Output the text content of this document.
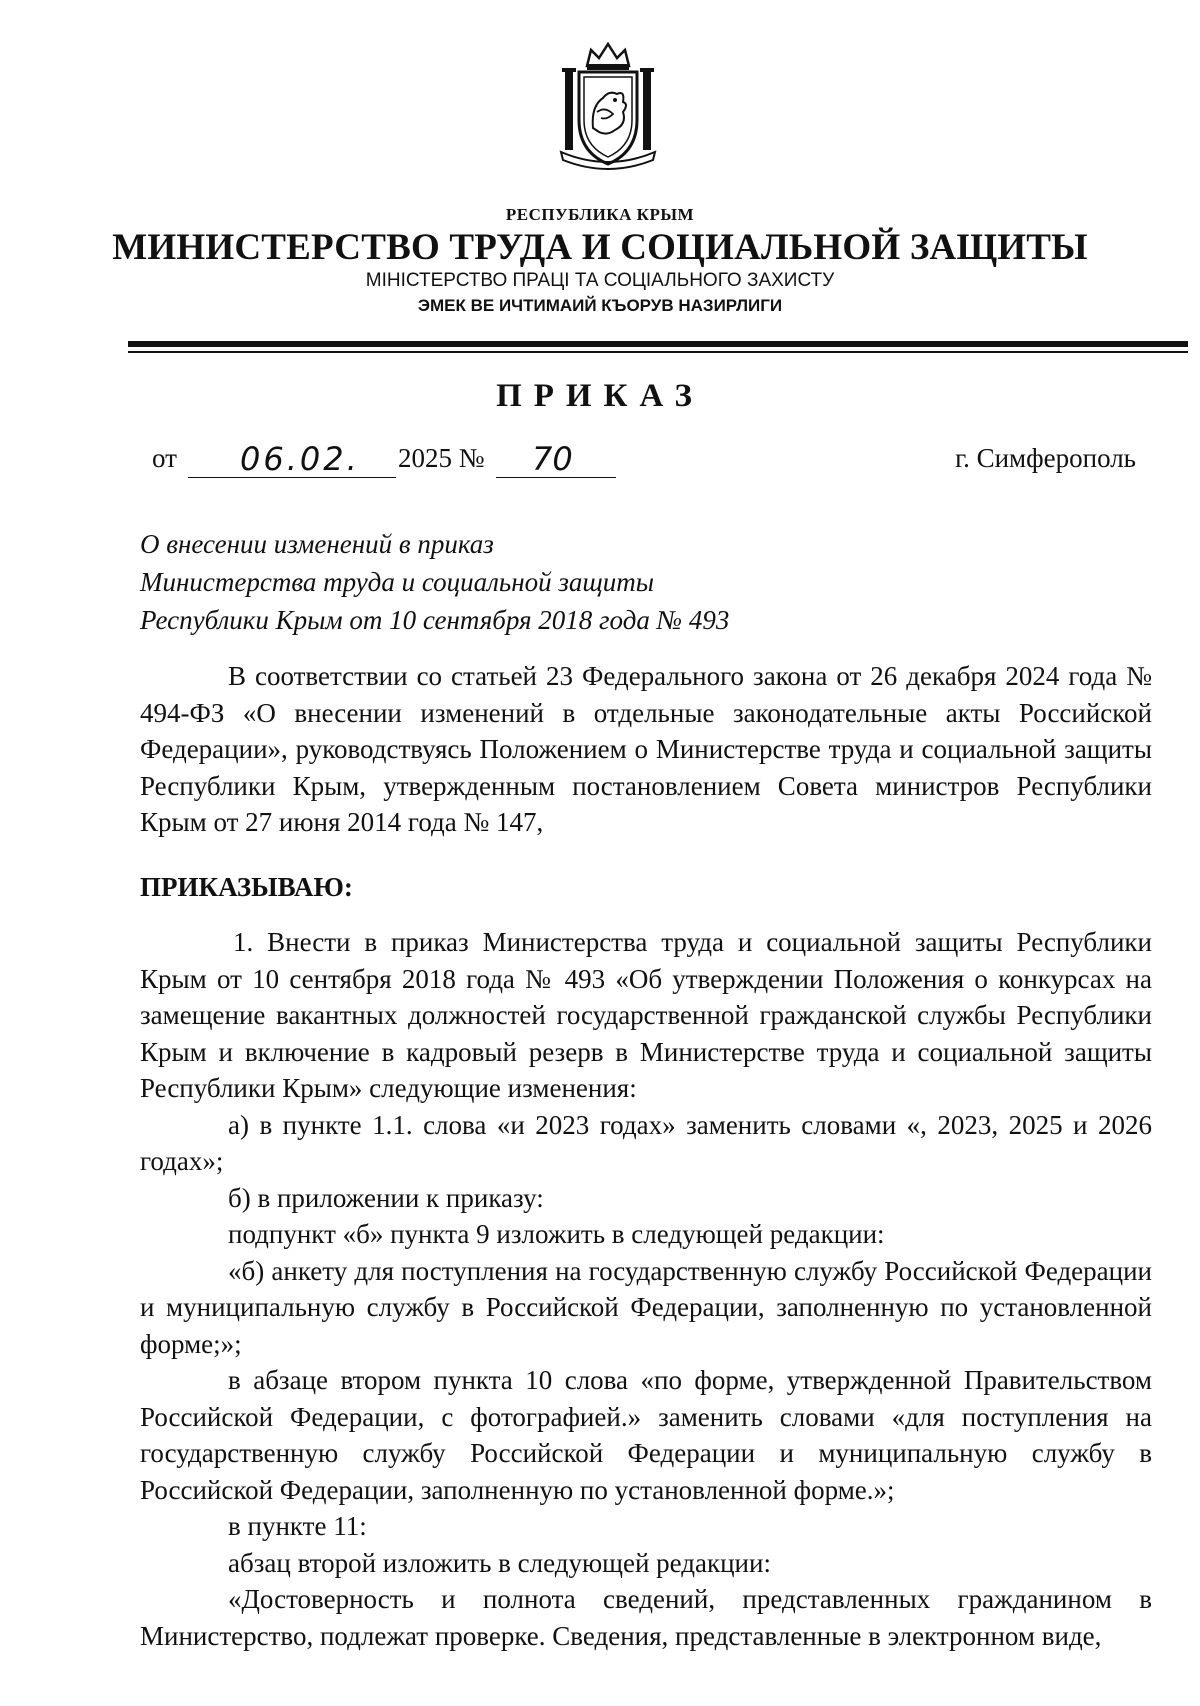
РЕСПУБЛИКА КРЫМ
МИНИСТЕРСТВО ТРУДА И СОЦИАЛЬНОЙ ЗАЩИТЫ
МІНІСТЕРСТВО ПРАЦІ ТА СОЦІАЛЬНОГО ЗАХИСТУ
ЭМЕК ВЕ ИЧТИМАИЙ КЪОРУВ НАЗИРЛИГИ
ПРИКАЗ
от 06.02. 2025 № 70	г. Симферополь
О внесении изменений в приказ
Министерства труда и социальной защиты
Республики Крым от 10 сентября 2018 года № 493

В соответствии со статьей 23 Федерального закона от 26 декабря 2024 года № 494-ФЗ «О внесении изменений в отдельные законодательные акты Российской Федерации», руководствуясь Положением о Министерстве труда и социальной защиты Республики Крым, утвержденным постановлением Совета министров Республики Крым от 27 июня 2014 года № 147,

ПРИКАЗЫВАЮ:

1. Внести в приказ Министерства труда и социальной защиты Республики Крым от 10 сентября 2018 года № 493 «Об утверждении Положения о конкурсах на замещение вакантных должностей государственной гражданской службы Республики Крым и включение в кадровый резерв в Министерстве труда и социальной защиты Республики Крым» следующие изменения:

а) в пункте 1.1. слова «и 2023 годах» заменить словами «, 2023, 2025 и 2026 годах»;

б) в приложении к приказу:

подпункт «б» пункта 9 изложить в следующей редакции:

«б) анкету для поступления на государственную службу Российской Федерации и муниципальную службу в Российской Федерации, заполненную по установленной форме;»;

в абзаце втором пункта 10 слова «по форме, утвержденной Правительством Российской Федерации, с фотографией.» заменить словами «для поступления на государственную службу Российской Федерации и муниципальную службу в Российской Федерации, заполненную по установленной форме.»;

в пункте 11:

абзац второй изложить в следующей редакции:

«Достоверность и полнота сведений, представленных гражданином в Министерство, подлежат проверке. Сведения, представленные в электронном виде,
